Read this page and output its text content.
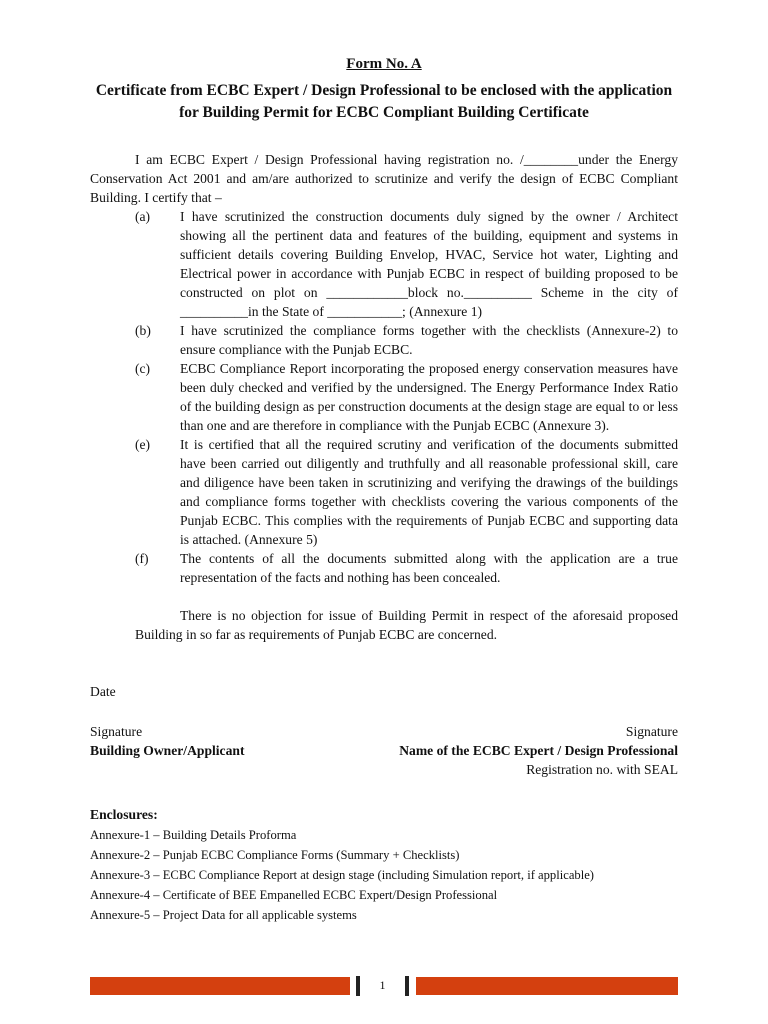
Form No. A
Certificate from ECBC Expert / Design Professional to be enclosed with the application for Building Permit for ECBC Compliant Building Certificate

I am ECBC Expert / Design Professional having registration no. /________under the Energy Conservation Act 2001 and am/are authorized to scrutinize and verify the design of ECBC Compliant Building. I certify that –

(a)	I have scrutinized the construction documents duly signed by the owner / Architect showing all the pertinent data and features of the building, equipment and systems in sufficient details covering Building Envelop, HVAC, Service hot water, Lighting and Electrical power in accordance with Punjab ECBC in respect of building proposed to be constructed on plot on ____________block no.__________ Scheme in the city of __________in the State of ___________; (Annexure 1)
(b)	I have scrutinized the compliance forms together with the checklists (Annexure-2) to ensure compliance with the Punjab ECBC.
(c)	ECBC Compliance Report incorporating the proposed energy conservation measures have been duly checked and verified by the undersigned. The Energy Performance Index Ratio of the building design as per construction documents at the design stage are equal to or less than one and are therefore in compliance with the Punjab ECBC (Annexure 3).
(e)	It is certified that all the required scrutiny and verification of the documents submitted have been carried out diligently and truthfully and all reasonable professional skill, care and diligence have been taken in scrutinizing and verifying the drawings of the buildings and compliance forms together with checklists covering the various components of the Punjab ECBC. This complies with the requirements of Punjab ECBC and supporting data is attached. (Annexure 5)
(f)	The contents of all the documents submitted along with the application are a true representation of the facts and nothing has been concealed.

There is no objection for issue of Building Permit in respect of the aforesaid proposed Building in so far as requirements of Punjab ECBC are concerned.

Date
Signature
Building Owner/Applicant
Signature
Name of the ECBC Expert / Design Professional
Registration no. with SEAL
Enclosures:
Annexure-1 – Building Details Proforma
Annexure-2 – Punjab ECBC Compliance Forms (Summary + Checklists)
Annexure-3 – ECBC Compliance Report at design stage (including Simulation report, if applicable)
Annexure-4 – Certificate of BEE Empanelled ECBC Expert/Design Professional
Annexure-5 – Project Data for all applicable systems
1
